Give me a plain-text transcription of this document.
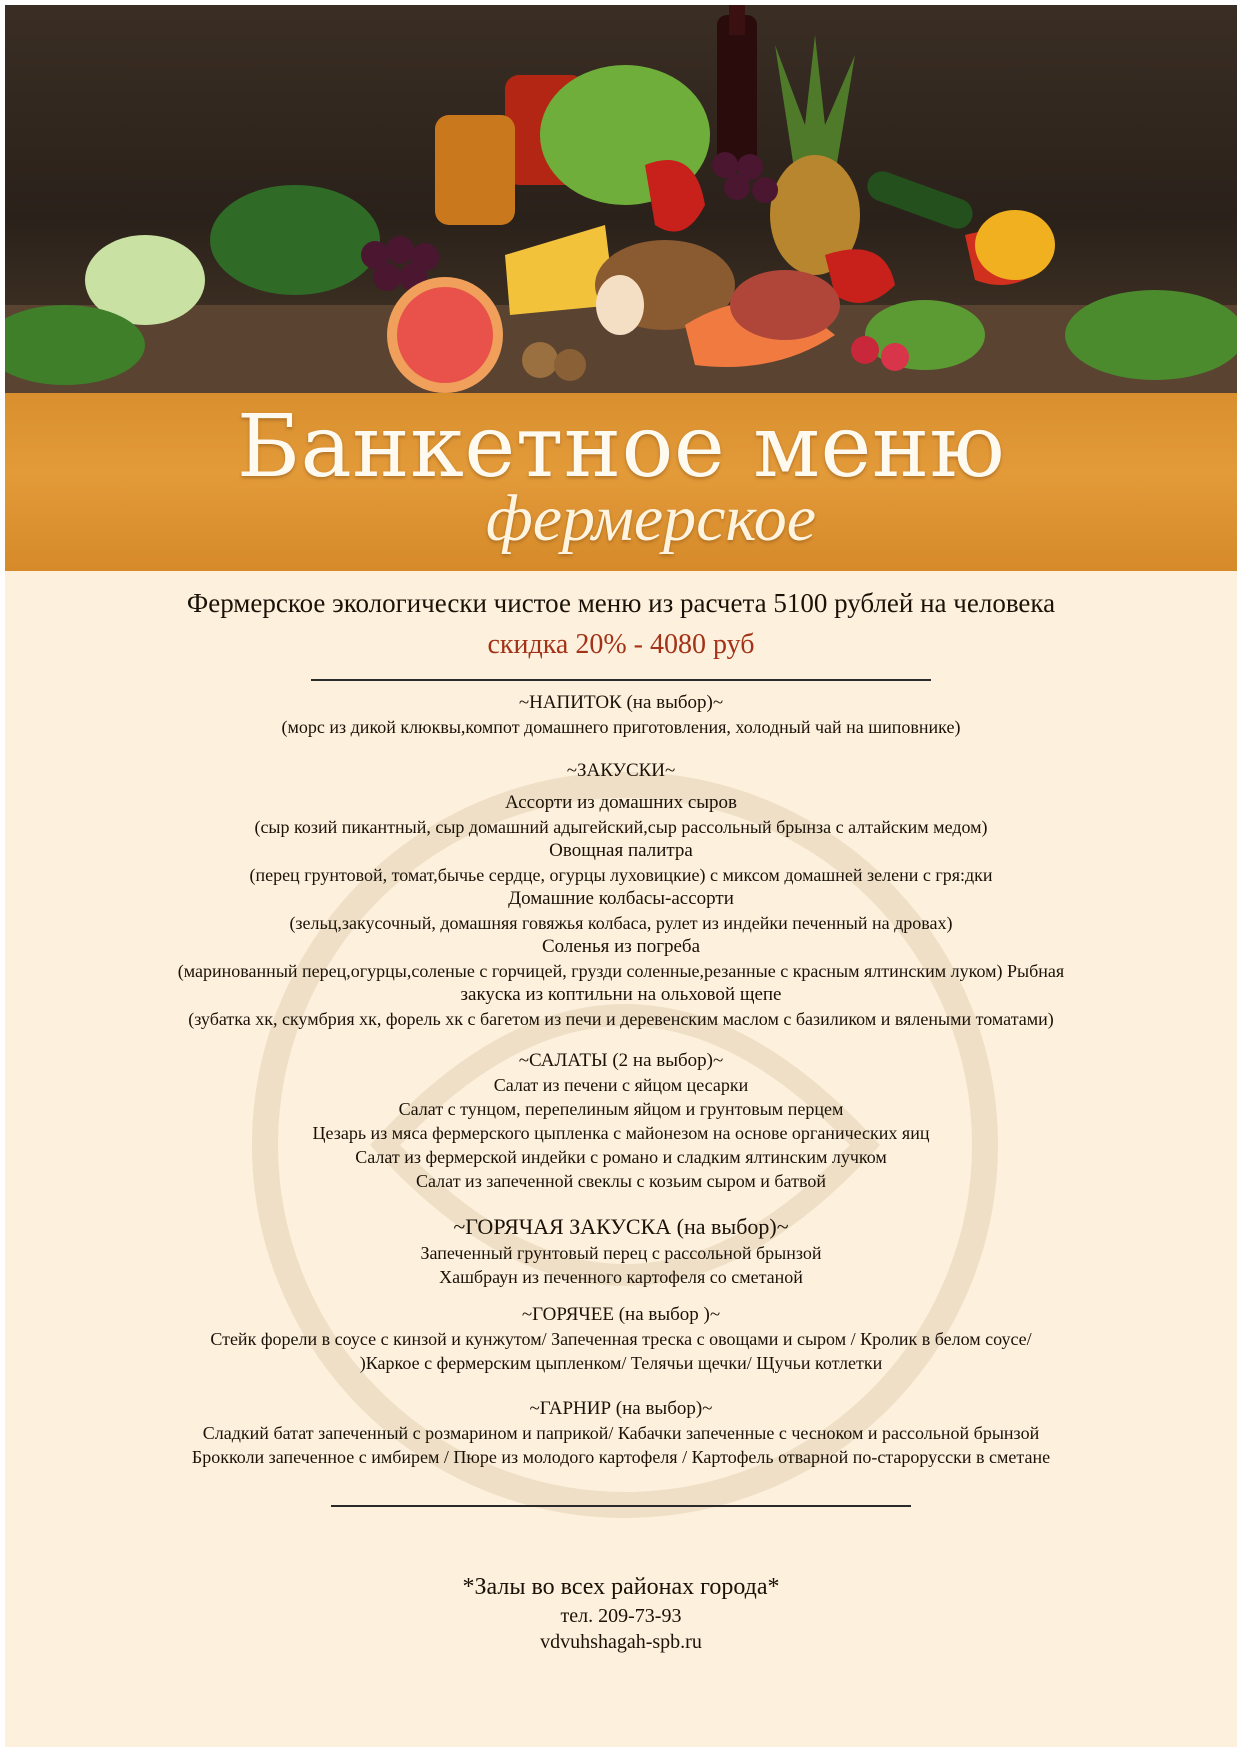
Банкетное меню
фермерское
Фермерское экологически чистое меню из расчета 5100 рублей на человека
скидка 20% - 4080 руб
~НАПИТОК (на выбор)~
(морс из дикой клюквы,компот домашнего приготовления, холодный чай на шиповнике)
~ЗАКУСКИ~
Ассорти из домашних сыров
(сыр козий пикантный, сыр домашний адыгейский,сыр рассольный брынза с алтайским медом)
Овощная палитра
(перец грунтовой, томат,бычье сердце, огурцы луховицкие) с миксом домашней зелени с гря:дки
Домашние колбасы-ассорти
(зельц,закусочный, домашняя говяжья колбаса, рулет из индейки печенный на дровах)
Соленья из погреба
(маринованный перец,огурцы,соленые с горчицей, грузди соленные,резанные с красным ялтинским луком) Рыбная
закуска из коптильни на ольховой щепе
(зубатка хк, скумбрия хк, форель хк с багетом из печи и деревенским маслом с базиликом и вялеными томатами)
~САЛАТЫ (2 на выбор)~
Салат из печени с яйцом цесарки
Салат с тунцом, перепелиным яйцом и грунтовым перцем
Цезарь из мяса фермерского цыпленка с майонезом на основе органических яиц
Салат из фермерской индейки с романо и сладким ялтинским лучком
Салат из запеченной свеклы с козьим сыром и батвой
~ГОРЯЧАЯ ЗАКУСКА (на выбор)~
Запеченный грунтовый перец с рассольной брынзой
Хашбраун из печенного картофеля со сметаной
~ГОРЯЧЕЕ (на выбор )~
Стейк форели в соусе с кинзой и кунжутом/ Запеченная треска с овощами и сыром / Кролик в белом соусе/
)Каркое с фермерским цыпленком/ Телячьи щечки/ Щучьи котлетки
~ГАРНИР (на выбор)~
Сладкий батат запеченный с розмарином и паприкой/ Кабачки запеченные с чесноком и рассольной брынзой
Брокколи запеченное с имбирем / Пюре из молодого картофеля / Картофель отварной по-старорусски в сметане
*Залы во всех районах города*
тел. 209-73-93
vdvuhshagah-spb.ru
